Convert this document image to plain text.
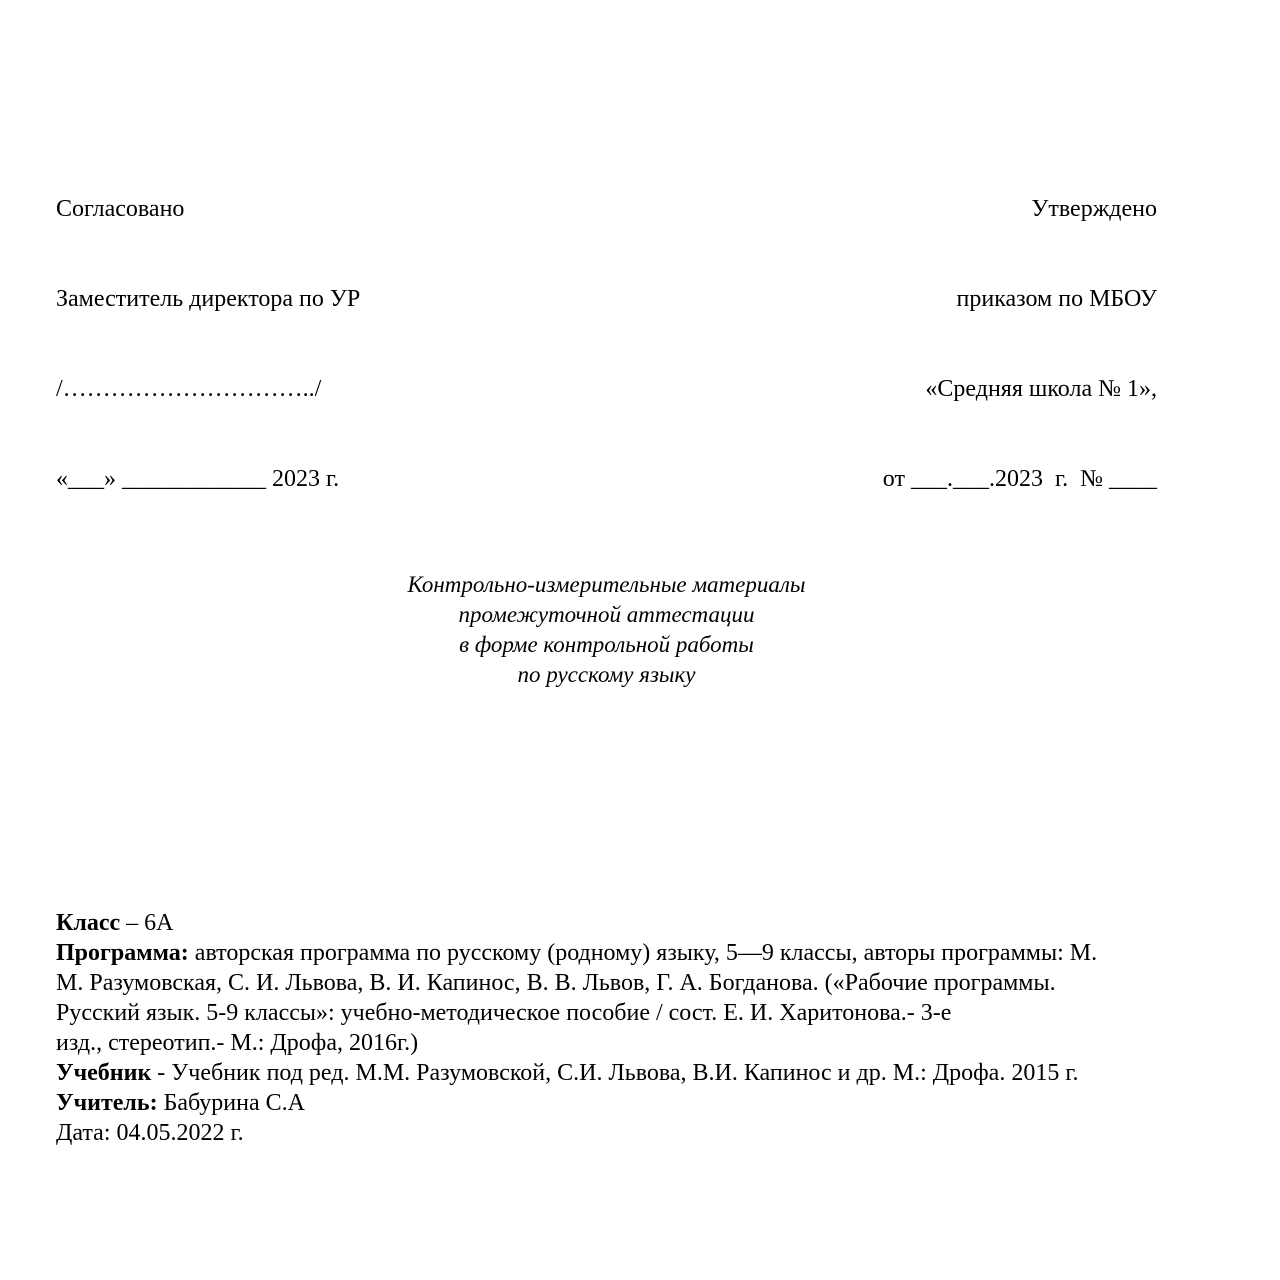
Согласовано

Заместитель директора по УР

/…………………………../

«___» ____________ 2023 г.

Утверждено

приказом по МБОУ

«Средняя школа № 1»,

от ___.___.2023  г.  № ____

Контрольно-измерительные материалы
промежуточной аттестации
в форме контрольной работы
по русскому языку
Класс – 6А
Программа: авторская программа по русскому (родному) языку, 5—9 классы, авторы программы: М.
М. Разумовская, С. И. Львова, В. И. Капинос, В. В. Львов, Г. А. Богданова. («Рабочие программы.
Русский язык. 5-9 классы»: учебно-методическое пособие / сост. Е. И. Харитонова.- 3-е
изд., стереотип.- М.: Дрофа, 2016г.)
Учебник - Учебник под ред. М.М. Разумовской, С.И. Львова, В.И. Капинос и др. М.: Дрофа. 2015 г.
Учитель: Бабурина С.А
Дата: 04.05.2022 г.
